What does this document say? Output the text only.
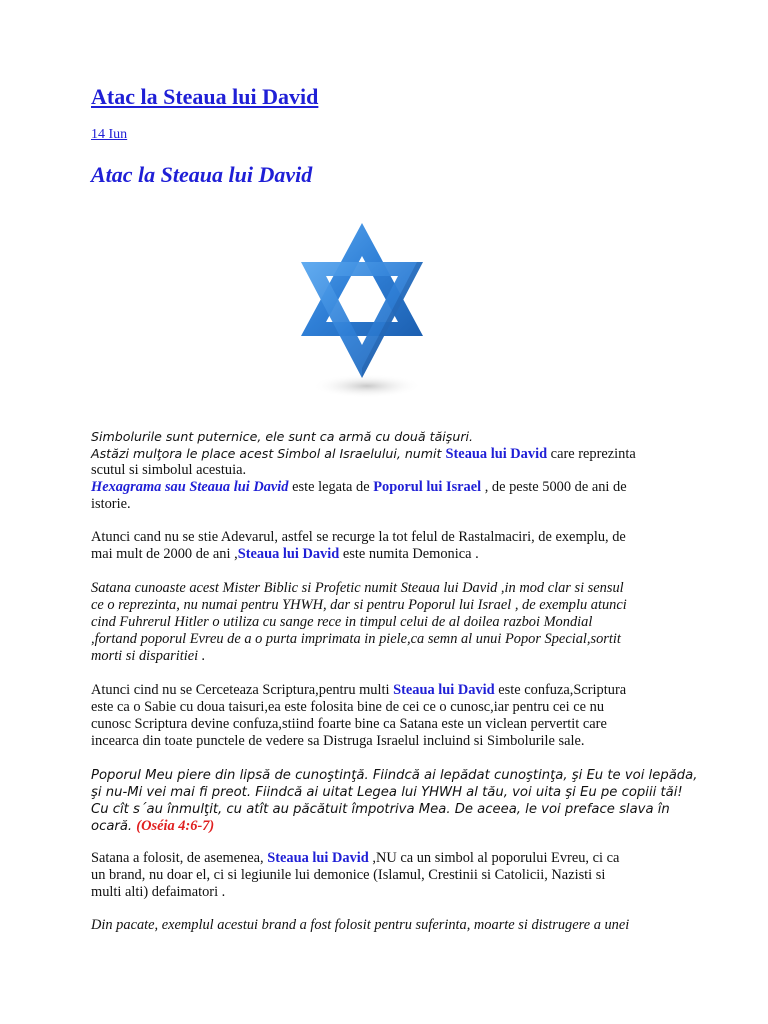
Atac la Steaua lui David
14 Iun
Atac la Steaua lui David
Simbolurile sunt puternice, ele sunt ca armă cu două tăişuri.
Astăzi mulţora le place acest Simbol al Israelului, numit Steaua lui David care reprezinta
scutul si simbolul acestuia.
Hexagrama sau Steaua lui David este legata de Poporul lui Israel , de peste 5000 de ani de
istorie.
Atunci cand nu se stie Adevarul, astfel se recurge la tot felul de Rastalmaciri, de exemplu, de
mai mult de 2000 de ani ,Steaua lui David este numita Demonica .
Satana cunoaste acest Mister Biblic si Profetic numit Steaua lui David ,in mod clar si sensul
ce o reprezinta, nu numai pentru YHWH, dar si pentru Poporul lui Israel , de exemplu atunci
cind Fuhrerul Hitler o utiliza cu sange rece in timpul celui de al doilea razboi Mondial
,fortand poporul Evreu de a o purta imprimata in piele,ca semn al unui Popor Special,sortit
morti si disparitiei .
Atunci cind nu se Cerceteaza Scriptura,pentru multi Steaua lui David este confuza,Scriptura
este ca o Sabie cu doua taisuri,ea este folosita bine de cei ce o cunosc,iar pentru cei ce nu
cunosc Scriptura devine confuza,stiind foarte bine ca Satana este un viclean pervertit care
incearca din toate punctele de vedere sa Distruga Israelul incluind si Simbolurile sale.
Poporul Meu piere din lipsă de cunoştinţă. Fiindcă ai lepădat cunoştinţa, şi Eu te voi lepăda,
şi nu-Mi vei mai fi preot. Fiindcă ai uitat Legea lui YHWH al tău, voi uita şi Eu pe copiii tăi!
Cu cît s´au înmulţit, cu atît au păcătuit împotriva Mea. De aceea, le voi preface slava în
ocară. (Oséia 4:6-7)
Satana a folosit, de asemenea, Steaua lui David ,NU ca un simbol al poporului Evreu, ci ca
un brand, nu doar el, ci si legiunile lui demonice (Islamul, Crestinii si Catolicii, Nazisti si
multi alti) defaimatori .
Din pacate, exemplul acestui brand a fost folosit pentru suferinta, moarte si distrugere a unei
